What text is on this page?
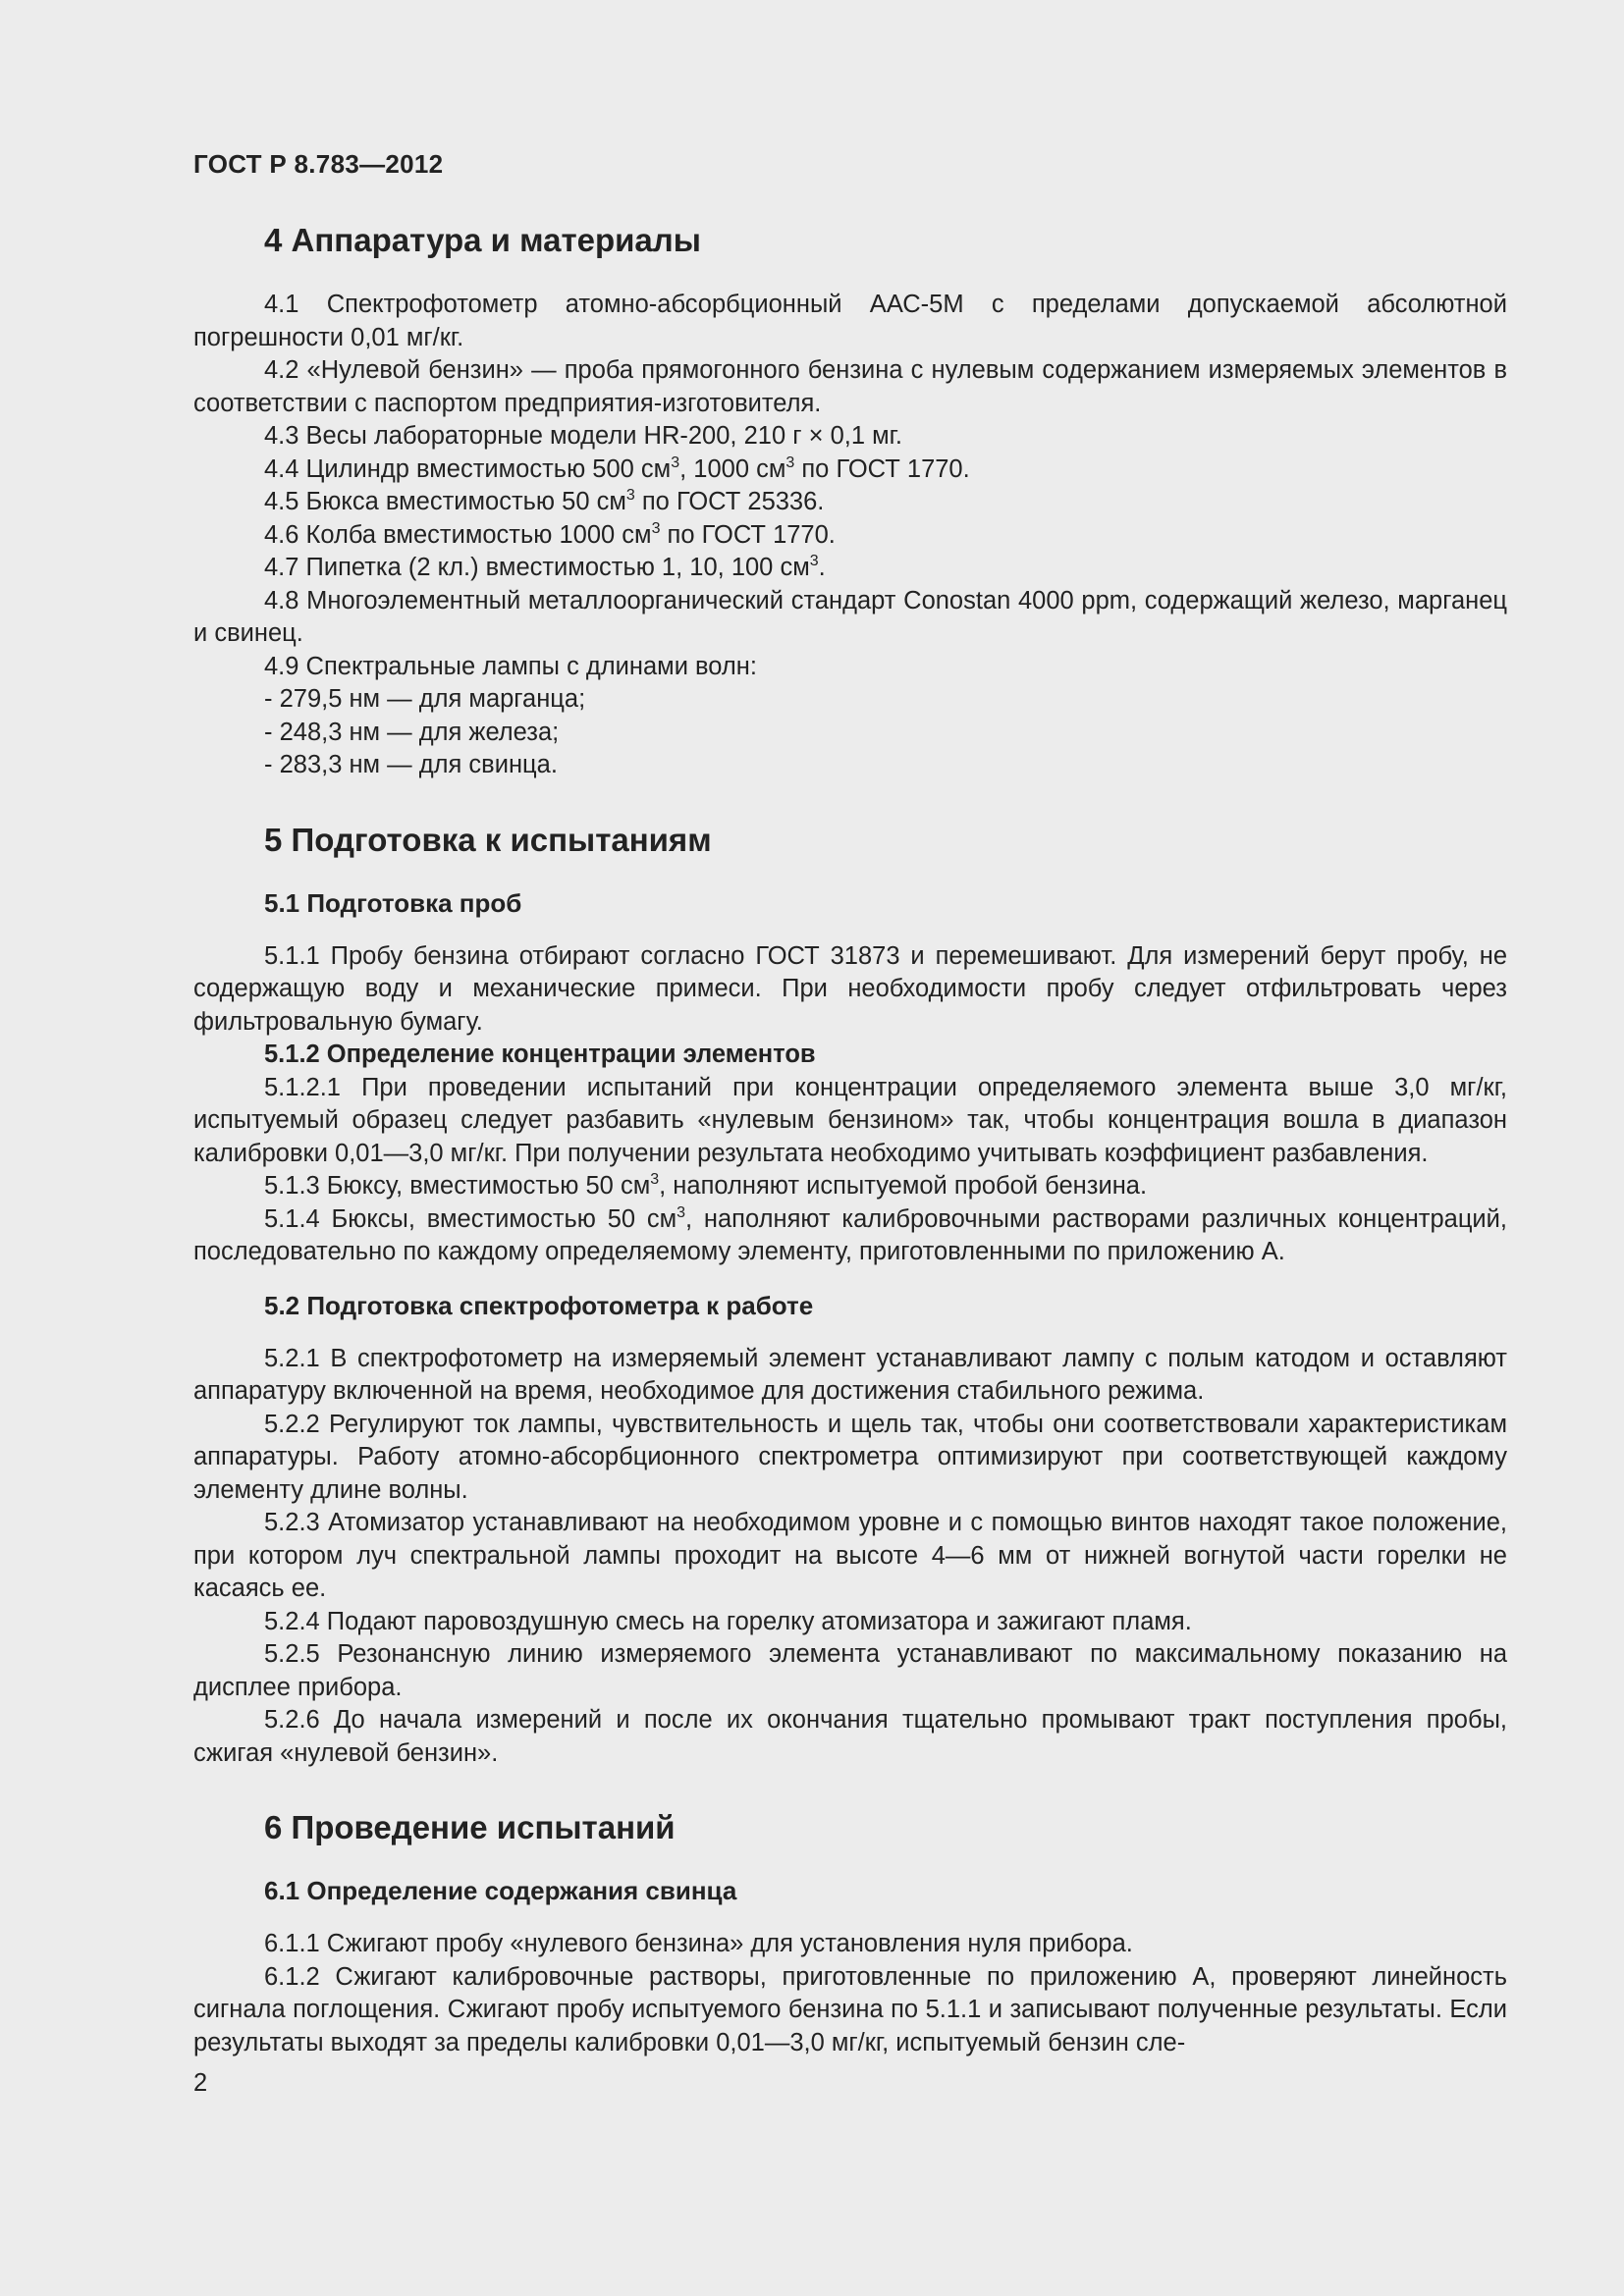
ГОСТ Р 8.783—2012
4 Аппаратура и материалы

4.1 Спектрофотометр атомно-абсорбционный ААС-5М с пределами допускаемой абсолютной погрешности 0,01 мг/кг.

4.2 «Нулевой бензин» — проба прямогонного бензина с нулевым содержанием измеряемых элементов в соответствии с паспортом предприятия-изготовителя.

4.3 Весы лабораторные модели HR-200, 210 г × 0,1 мг.

4.4 Цилиндр вместимостью 500 $см^3$, 1000 $см^3$ по ГОСТ 1770.

4.5 Бюкса вместимостью 50 $см^3$ по ГОСТ 25336.

4.6 Колба вместимостью 1000 $см^3$ по ГОСТ 1770.

4.7 Пипетка (2 кл.) вместимостью 1, 10, 100 $см^3$.

4.8 Многоэлементный металлоорганический стандарт Conostan 4000 ppm, содержащий железо, марганец и свинец.

4.9 Спектральные лампы с длинами волн:

- 279,5 нм — для марганца;

- 248,3 нм — для железа;

- 283,3 нм — для свинца.

5 Подготовка к испытаниям
5.1 Подготовка проб

5.1.1 Пробу бензина отбирают согласно ГОСТ 31873 и перемешивают. Для измерений берут пробу, не содержащую воду и механические примеси. При необходимости пробу следует отфильтровать через фильтровальную бумагу.

5.1.2 Определение концентрации элементов

5.1.2.1 При проведении испытаний при концентрации определяемого элемента выше 3,0 мг/кг, испытуемый образец следует разбавить «нулевым бензином» так, чтобы концентрация вошла в диапазон калибровки 0,01—3,0 мг/кг. При получении результата необходимо учитывать коэффициент разбавления.

5.1.3 Бюксу, вместимостью 50 $см^3$, наполняют испытуемой пробой бензина.

5.1.4 Бюксы, вместимостью 50 $см^3$, наполняют калибровочными растворами различных концентраций, последовательно по каждому определяемому элементу, приготовленными по приложению А.

5.2 Подготовка спектрофотометра к работе

5.2.1 В спектрофотометр на измеряемый элемент устанавливают лампу с полым катодом и оставляют аппаратуру включенной на время, необходимое для достижения стабильного режима.

5.2.2 Регулируют ток лампы, чувствительность и щель так, чтобы они соответствовали характеристикам аппаратуры. Работу атомно-абсорбционного спектрометра оптимизируют при соответствующей каждому элементу длине волны.

5.2.3 Атомизатор устанавливают на необходимом уровне и с помощью винтов находят такое положение, при котором луч спектральной лампы проходит на высоте 4—6 мм от нижней вогнутой части горелки не касаясь ее.

5.2.4 Подают паровоздушную смесь на горелку атомизатора и зажигают пламя.

5.2.5 Резонансную линию измеряемого элемента устанавливают по максимальному показанию на дисплее прибора.

5.2.6 До начала измерений и после их окончания тщательно промывают тракт поступления пробы, сжигая «нулевой бензин».

6 Проведение испытаний
6.1 Определение содержания свинца

6.1.1 Сжигают пробу «нулевого бензина» для установления нуля прибора.

6.1.2 Сжигают калибровочные растворы, приготовленные по приложению А, проверяют линейность сигнала поглощения. Сжигают пробу испытуемого бензина по 5.1.1 и записывают полученные результаты. Если результаты выходят за пределы калибровки 0,01—3,0 мг/кг, испытуемый бензин сле-

2
